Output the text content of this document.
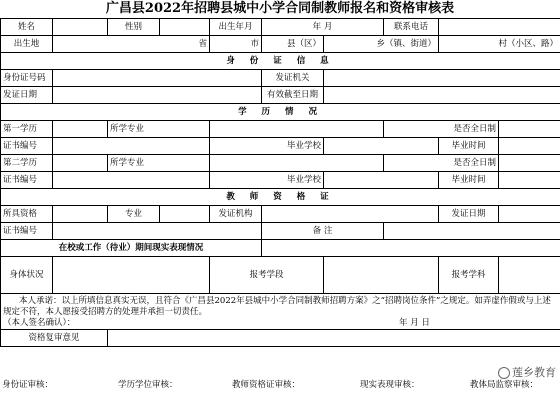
广昌县2022年招聘县城中小学合同制教师报名和资格审核表
姓名		性别		出生年月	年 月		联系电话		
出生地	省			市	县（区）	乡（镇、街道）		村（小区、路）	
身 份 证 信 息									
身份证号码					发证机关				
发证日期					有效截至日期				
学 历 情 况									
第一学历		所学专业					是否全日制		
证书编号				毕业学校				毕业时间	
第二学历		所学专业					是否全日制		
证书编号				毕业学校				毕业时间	
教 师 资 格 证									
所具资格		专业		发证机构				发证日期	
证书编号					备 注				
在校或工作（待业）期间现实表现情况									
身体状况				报考学段				报考学科	

本人承诺：以上所填信息真实无误，且符合《广昌县2022年县城中小学合同制教师招聘方案》之“招聘岗位条件”之规定。如弄虚作假或与上述规定不符，本人愿接受招聘方的处理并承担一切责任。
（本人签名确认）： 年 月 日									

资格复审意见									
身份证审核：	学历学位审核：	教师资格证审核：	现实表现审核：	教体局监察审核：
莲乡教育
